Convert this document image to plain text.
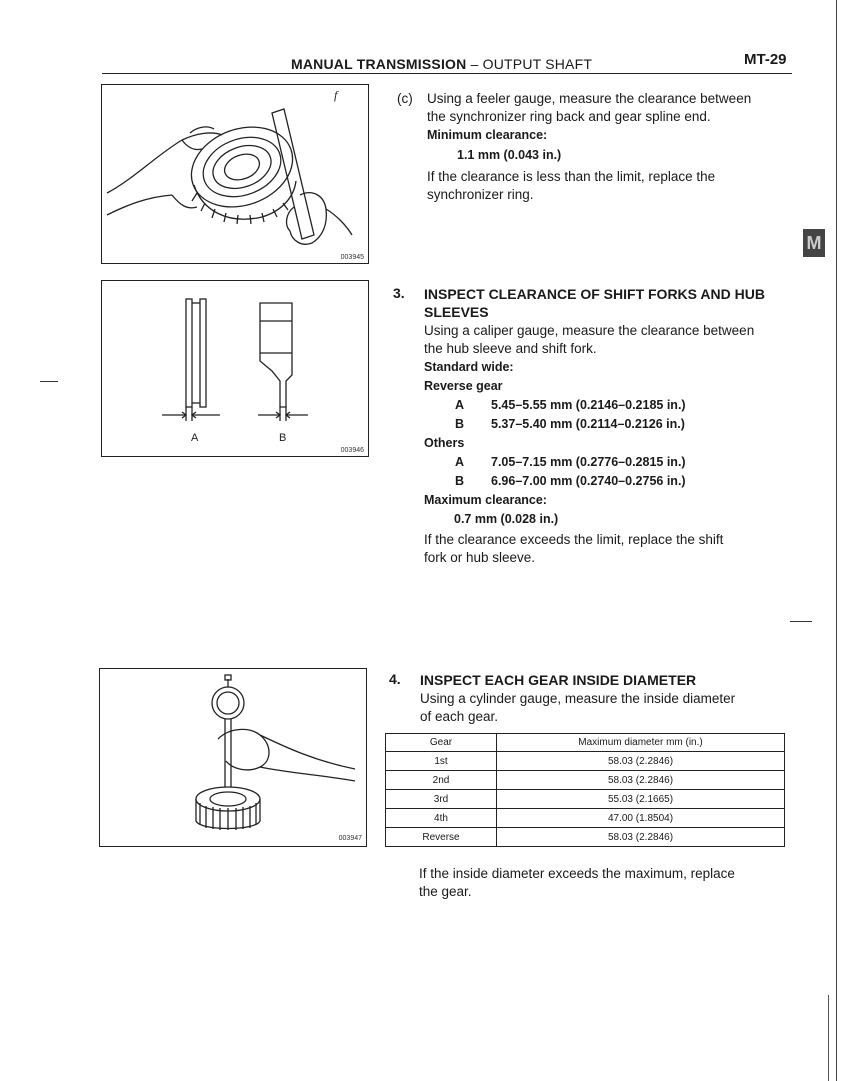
MANUAL TRANSMISSION – OUTPUT SHAFT	MT-29
M
f
003945
A	B
003946
003947
(c) Using a feeler gauge, measure the clearance between
the synchronizer ring back and gear spline end.
Minimum clearance:
1.1 mm (0.043 in.)
If the clearance is less than the limit, replace the
synchronizer ring.
3. INSPECT CLEARANCE OF SHIFT FORKS AND HUB
SLEEVES
Using a caliper gauge, measure the clearance between
the hub sleeve and shift fork.
Standard wide:
Reverse gear
A 5.45–5.55 mm (0.2146–0.2185 in.)
B 5.37–5.40 mm (0.2114–0.2126 in.)
Others
A 7.05–7.15 mm (0.2776–0.2815 in.)
B 6.96–7.00 mm (0.2740–0.2756 in.)
Maximum clearance:
0.7 mm (0.028 in.)
If the clearance exceeds the limit, replace the shift
fork or hub sleeve.
4. INSPECT EACH GEAR INSIDE DIAMETER
Using a cylinder gauge, measure the inside diameter
of each gear.
Gear	Maximum diameter mm (in.)
1st	58.03 (2.2846)
2nd	58.03 (2.2846)
3rd	55.03 (2.1665)
4th	47.00 (1.8504)
Reverse	58.03 (2.2846)
If the inside diameter exceeds the maximum, replace
the gear.
